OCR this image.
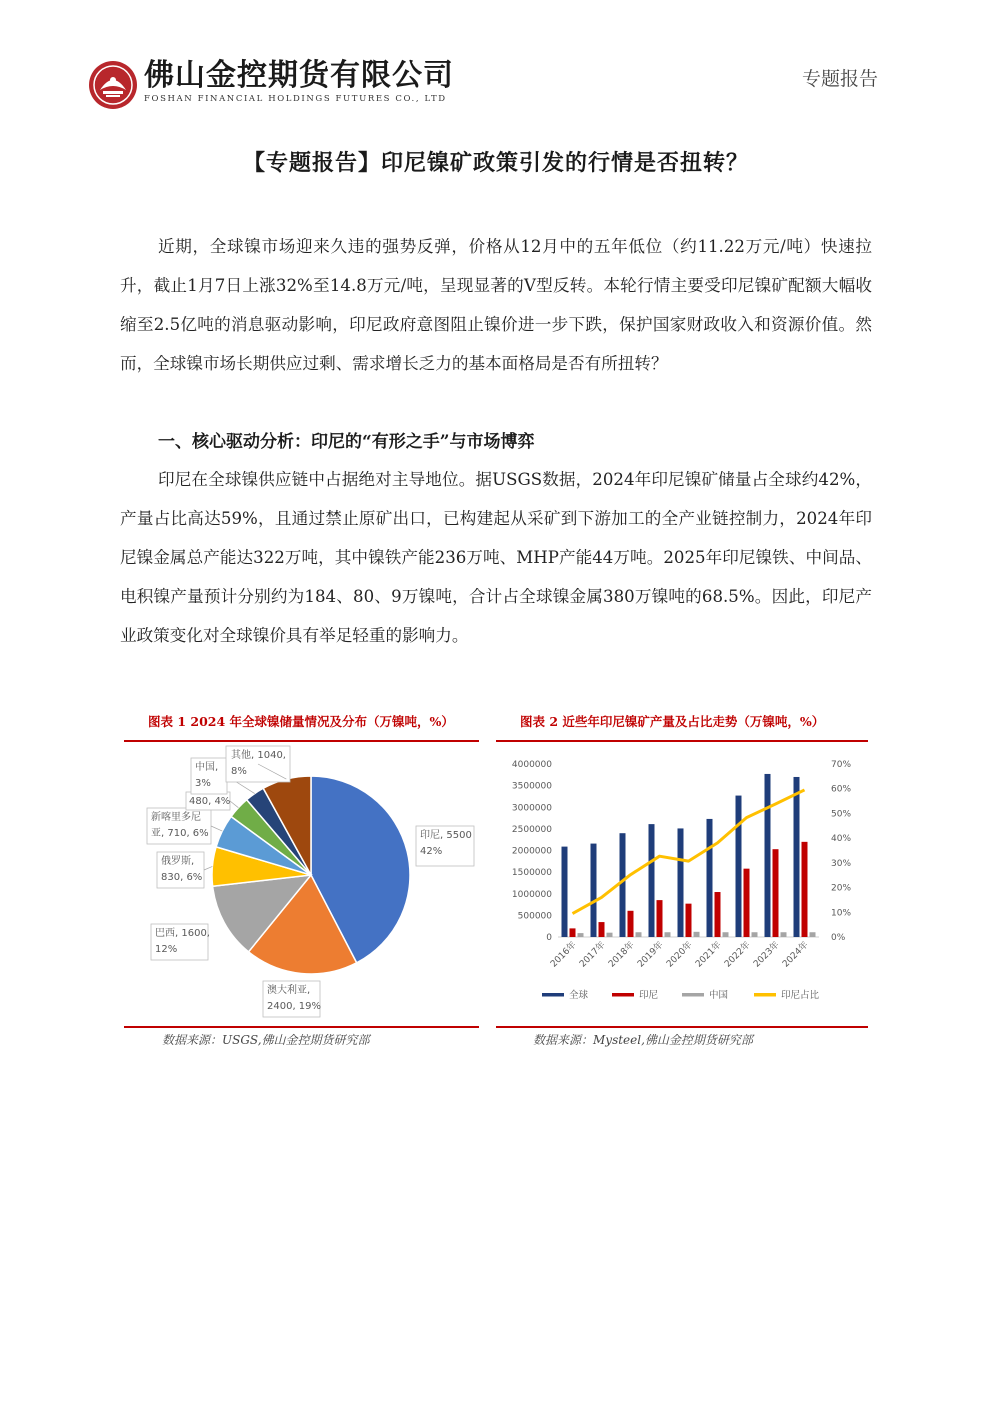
佛山金控期货有限公司
FOSHAN FINANCIAL HOLDINGS FUTURES CO., LTD
专题报告
【专题报告】印尼镍矿政策引发的行情是否扭转？
近期，全球镍市场迎来久违的强势反弹，价格从12月中的五年低位（约11.22万元/吨）快速拉升，截止1月7日上涨32%至14.8万元/吨，呈现显著的V型反转。本轮行情主要受印尼镍矿配额大幅收缩至2.5亿吨的消息驱动影响，印尼政府意图阻止镍价进一步下跌，保护国家财政收入和资源价值。然而，全球镍市场长期供应过剩、需求增长乏力的基本面格局是否有所扭转？
一、核心驱动分析：印尼的“有形之手”与市场博弈
印尼在全球镍供应链中占据绝对主导地位。据USGS数据，2024年印尼镍矿储量占全球约42%，产量占比高达59%，且通过禁止原矿出口，已构建起从采矿到下游加工的全产业链控制力，2024年印尼镍金属总产能达322万吨，其中镍铁产能236万吨、MHP产能44万吨。2025年印尼镍铁、中间品、电积镍产量预计分别约为184、80、9万镍吨，合计占全球镍金属380万镍吨的68.5%。因此，印尼产业政策变化对全球镍价具有举足轻重的影响力。
图表 1 2024 年全球镍储量情况及分布（万镍吨，%）
印尼, 5500 42%
澳大利亚, 2400, 19%
巴西, 1600, 12%
俄罗斯, 830, 6%
新喀里多尼亚, 710, 6%
480, 4%
中国, 3%
其他, 1040, 8%
数据来源：USGS,佛山金控期货研究部
图表 2 近些年印尼镍矿产量及占比走势（万镍吨，%）
0
500000
1000000
1500000
2000000
2500000
3000000
3500000
4000000
0%
10%
20%
30%
40%
50%
60%
70%
2016年 2017年 2018年 2019年 2020年 2021年 2022年 2023年 2024年
全球	印尼	中国	印尼占比
数据来源：Mysteel,佛山金控期货研究部
